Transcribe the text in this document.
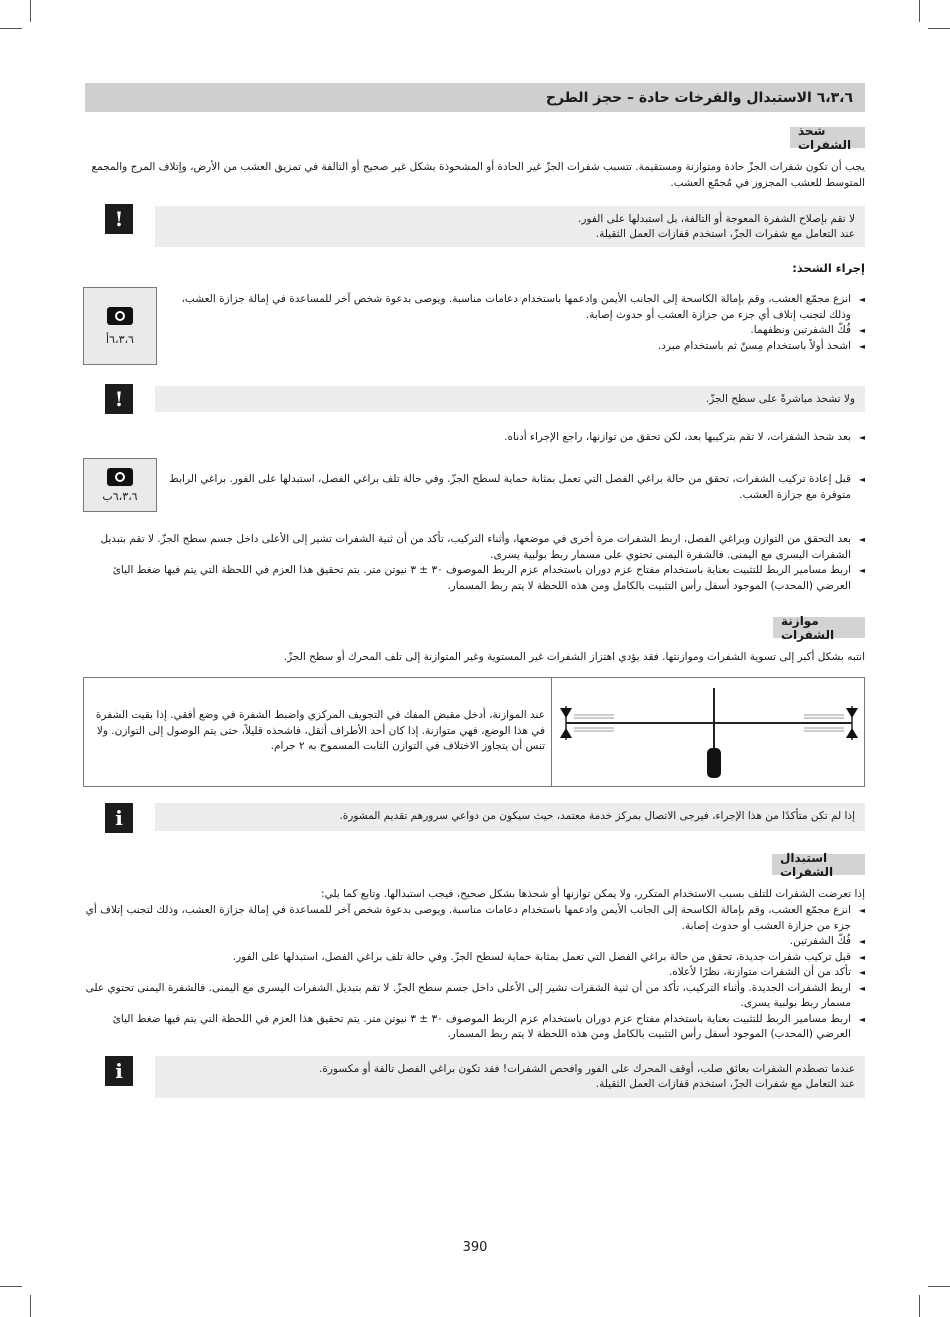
٦،٣،٦ الاستبدال والفرخات حادة – حجز الطرح
شحذ الشفرات
يجب أن تكون شفرات الجزّ حادة ومتوازنة ومستقيمة. تتسبب شفرات الجزّ غير الحادة أو المشحوذة بشكل غير صحيح أو التالفة في تمزيق العشب من الأرض، وإتلاف المرج والمجمع
المتوسط للعشب المجزوز في مُجمّع العشب.
!	لا تقم بإصلاح الشفرة المعوجة أو التالفة، بل استبدلها على الفور.
عند التعامل مع شفرات الجزّ، استخدم قفازات العمل الثقيلة.
إجراء الشحذ:
٦،٣،٦أ
◄ انزع مجمّع العشب، وقم بإمالة الكاسحة إلى الجانب الأيمن وادعمها باستخدام دعامات مناسبة. ويوصى بدعوة شخص آخر للمساعدة في إمالة جزازة العشب، وذلك لتجنب إتلاف أي جزء من جزازة العشب أو حدوث إصابة.
◄ فُكّ الشفرتين ونظفهما.
◄ اشحذ أولاً باستخدام مِسنّ ثم باستخدام مبرد.
!	ولا تشحذ مباشرةً على سطح الجزّ.
◄ بعد شحذ الشفرات، لا تقم بتركيبها بعد، لكن تحقق من توازنها، راجع الإجراء أدناه.
٦،٣،٦ب
◄ قبل إعادة تركيب الشفرات، تحقق من حالة براغي الفصل التي تعمل بمثابة حماية لسطح الجزّ. وفي حالة تلف براغي الفصل، استبدلها على الفور. براغي الرابط متوفرة مع جزازة العشب.
◄ بعد التحقق من التوازن وبراغي الفصل، اربط الشفرات مرة أخرى في موضعها، وأثناء التركيب، تأكد من أن ثنية الشفرات تشير إلى الأعلى داخل جسم سطح الجزّ. لا تقم بتبديل الشفرات اليسرى مع اليمنى. فالشفرة اليمنى تحتوي على مسمار ربط بولبية يسرى.
◄ اربط مسامير الربط للتثبيت بعناية باستخدام مفتاح عزم دوران باستخدام عزم الربط الموصوف ٣٠ ± ٣ نيوتن متر. يتم تحقيق هذا العزم في اللحظة التي يتم فيها ضغط اليائ العرضي (المحدب) الموجود أسفل رأس التثبيت بالكامل ومن هذه اللحظة لا يتم ربط المسمار.
موازنة الشفرات
انتبه بشكل أكبر إلى تسوية الشفرات وموازنتها. فقد يؤدي اهتزاز الشفرات غير المستوية وغير المتوازنة إلى تلف المحرك أو سطح الجزّ.
عند الموازنة، أدخل مقبض المفك في التجويف المركزي واضبط الشفرة في وضع أفقي. إذا بقيت الشفرة في هذا الوضع، فهي متوازنة. إذا كان أحد الأطراف أثقل، فاشحذه قليلاً، حتى يتم الوصول إلى التوازن. ولا تنس أن يتجاوز الاختلاف في التوازن الثابت المسموح به ٢ جرام.
i	إذا لم تكن متأكدًا من هذا الإجراء، فيرجى الاتصال بمركز خدمة معتمد، حيث سيكون من دواعي سرورهم تقديم المشورة.
استبدال الشفرات
إذا تعرضت الشفرات للتلف بسبب الاستخدام المتكرر، ولا يمكن توازنها أو شحذها بشكل صحيح، فيجب استبدالها. وتابع كما يلي:
◄ انزع مجمّع العشب، وقم بإمالة الكاسحة إلى الجانب الأيمن وادعمها باستخدام دعامات مناسبة. ويوصى بدعوة شخص آخر للمساعدة في إمالة جزازة العشب، وذلك لتجنب إتلاف أي جزء من جزازة العشب أو حدوث إصابة.
◄ فُكّ الشفرتين.
◄ قبل تركيب شفرات جديدة، تحقق من حالة براغي الفصل التي تعمل بمثابة حماية لسطح الجزّ. وفي حالة تلف براغي الفصل، استبدلها على الفور.
◄ تأكد من أن الشفرات متوازنة، نظرًا لأعلاه.
◄ اربط الشفرات الجديدة. وأثناء التركيب، تأكد من أن ثنية الشفرات تشير إلى الأعلى داخل جسم سطح الجزّ. لا تقم بتبديل الشفرات اليسرى مع اليمنى. فالشفرة اليمنى تحتوي على مسمار ربط بولبية يسرى.
◄ اربط مسامير الربط للتثبيت بعناية باستخدام مفتاح عزم دوران باستخدام عزم الربط الموصوف ٣٠ ± ٣ نيوتن متر. يتم تحقيق هذا العزم في اللحظة التي يتم فيها ضغط اليائ العرضي (المحدب) الموجود أسفل رأس التثبيت بالكامل ومن هذه اللحظة لا يتم ربط المسمار.
i	عندما تصطدم الشفرات بعائق صلب، أوقف المحرك على الفور وافحص الشفرات! فقد تكون براغي الفصل تالفة أو مكسورة.
عند التعامل مع شفرات الجزّ، استخدم قفازات العمل الثقيلة.
390
